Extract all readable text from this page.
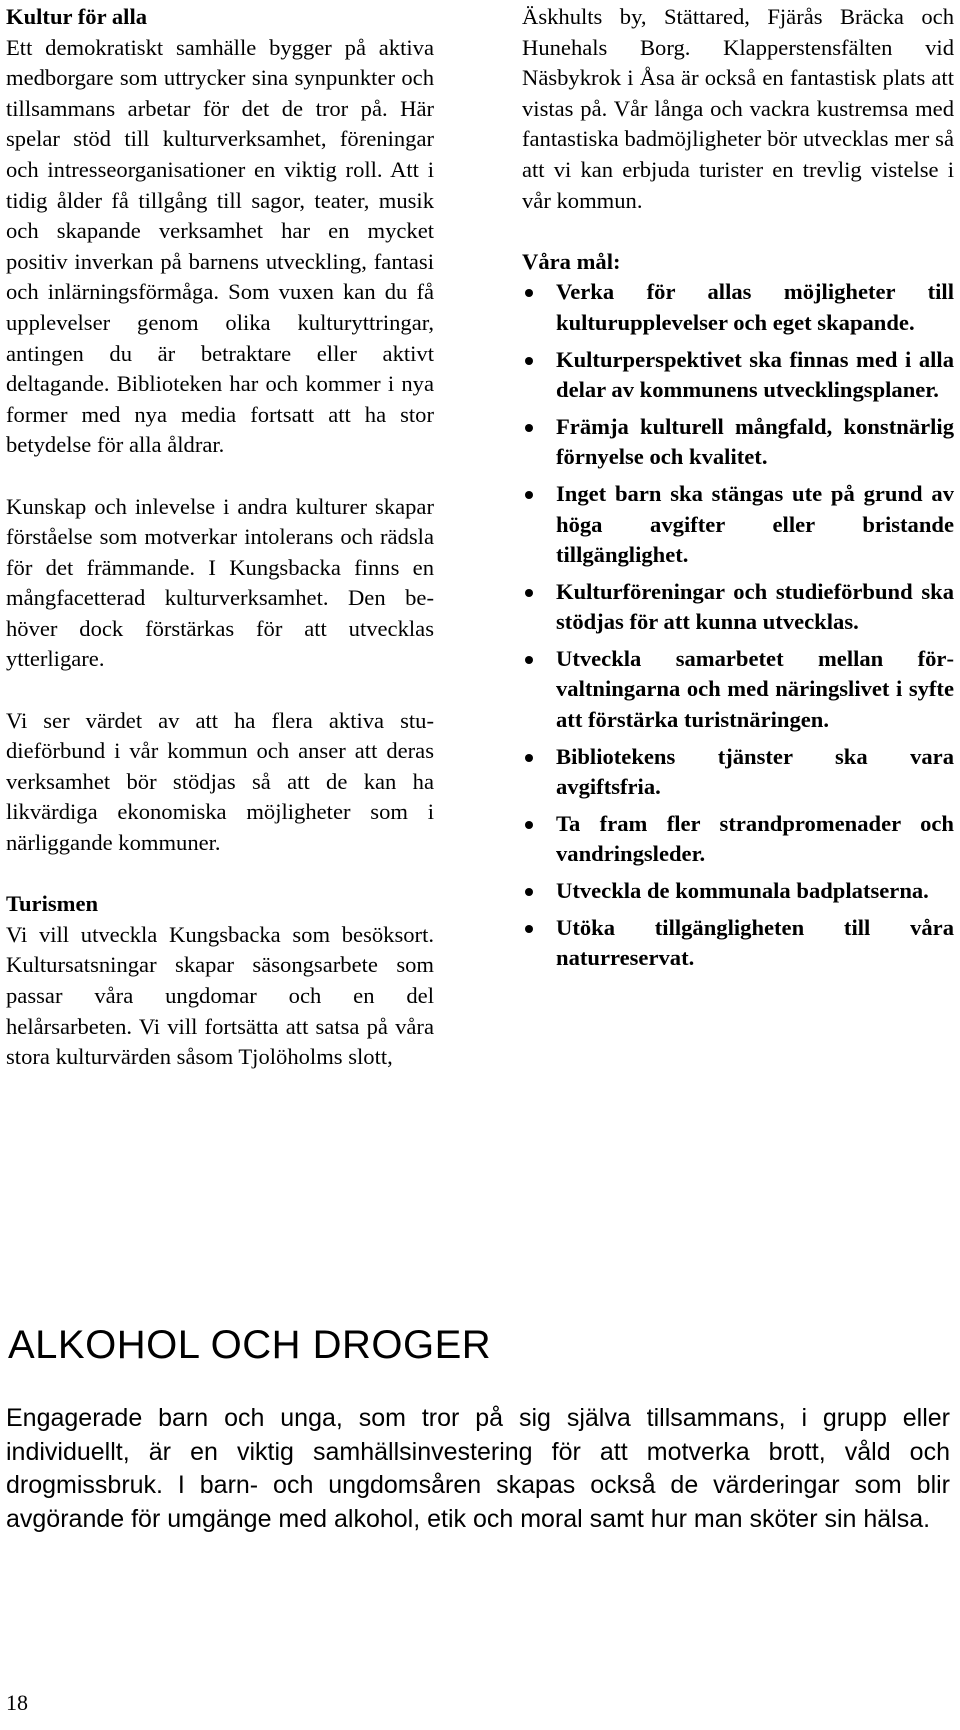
Kultur för alla

Ett demokratiskt samhälle bygger på aktiva medborgare som uttrycker sina synpunkter och tillsammans arbetar för det de tror på. Här spelar stöd till kulturverksamhet, föreningar och intresseorganisationer en viktig roll. Att i tidig ålder få tillgång till sagor, teater, musik och skapande verksamhet har en mycket positiv inverkan på barnens utveckling, fantasi och inlärningsförmåga. Som vuxen kan du få upplevelser genom olika kulturyttringar, antingen du är betraktare eller aktivt deltagande. Biblioteken har och kommer i nya former med nya media fortsatt att ha stor betydelse för alla åldrar.

Kunskap och inlevelse i andra kulturer skapar förståelse som motverkar intolerans och rädsla för det främmande. I Kungsbacka finns en mångfacetterad kulturverksamhet. Den behöver dock förstärkas för att utvecklas ytterligare.

Vi ser värdet av att ha flera aktiva studieförbund i vår kommun och anser att deras verksamhet bör stödjas så att de kan ha likvärdiga ekonomiska möjligheter som i närliggande kommuner.

Turismen

Vi vill utveckla Kungsbacka som besöksort. Kultursatsningar skapar säsongsarbete som passar våra ungdomar och en del helårsarbeten. Vi vill fortsätta att satsa på våra stora kulturvärden såsom Tjolöholms slott,

Äskhults by, Stättared, Fjärås Bräcka och Hunehals Borg. Klapperstensfälten vid Näsbykrok i Åsa är också en fantastisk plats att vistas på. Vår långa och vackra kustremsa med fantastiska badmöjligheter bör utvecklas mer så att vi kan erbjuda turister en trevlig vistelse i vår kommun.

Våra mål:
Verka för allas möjligheter till kulturupplevelser och eget skapande.
Kulturperspektivet ska finnas med i alla delar av kommunens utvecklingsplaner.
Främja kulturell mångfald, konstnärlig förnyelse och kvalitet.
Inget barn ska stängas ute på grund av höga avgifter eller bristande tillgänglighet.
Kulturföreningar och studieförbund ska stödjas för att kunna utvecklas.
Utveckla samarbetet mellan förvaltningarna och med näringslivet i syfte att förstärka turistnäringen.
Bibliotekens tjänster ska vara avgiftsfria.
Ta fram fler strandpromenader och vandringsleder.
Utveckla de kommunala badplatserna.
Utöka tillgängligheten till våra naturreservat.
ALKOHOL OCH DROGER

Engagerade barn och unga, som tror på sig själva tillsammans, i grupp eller individuellt, är en viktig samhällsinvestering för att motverka brott, våld och drogmissbruk. I barn- och ungdomsåren skapas också de värderingar som blir avgörande för umgänge med alkohol, etik och moral samt hur man sköter sin hälsa.

18
